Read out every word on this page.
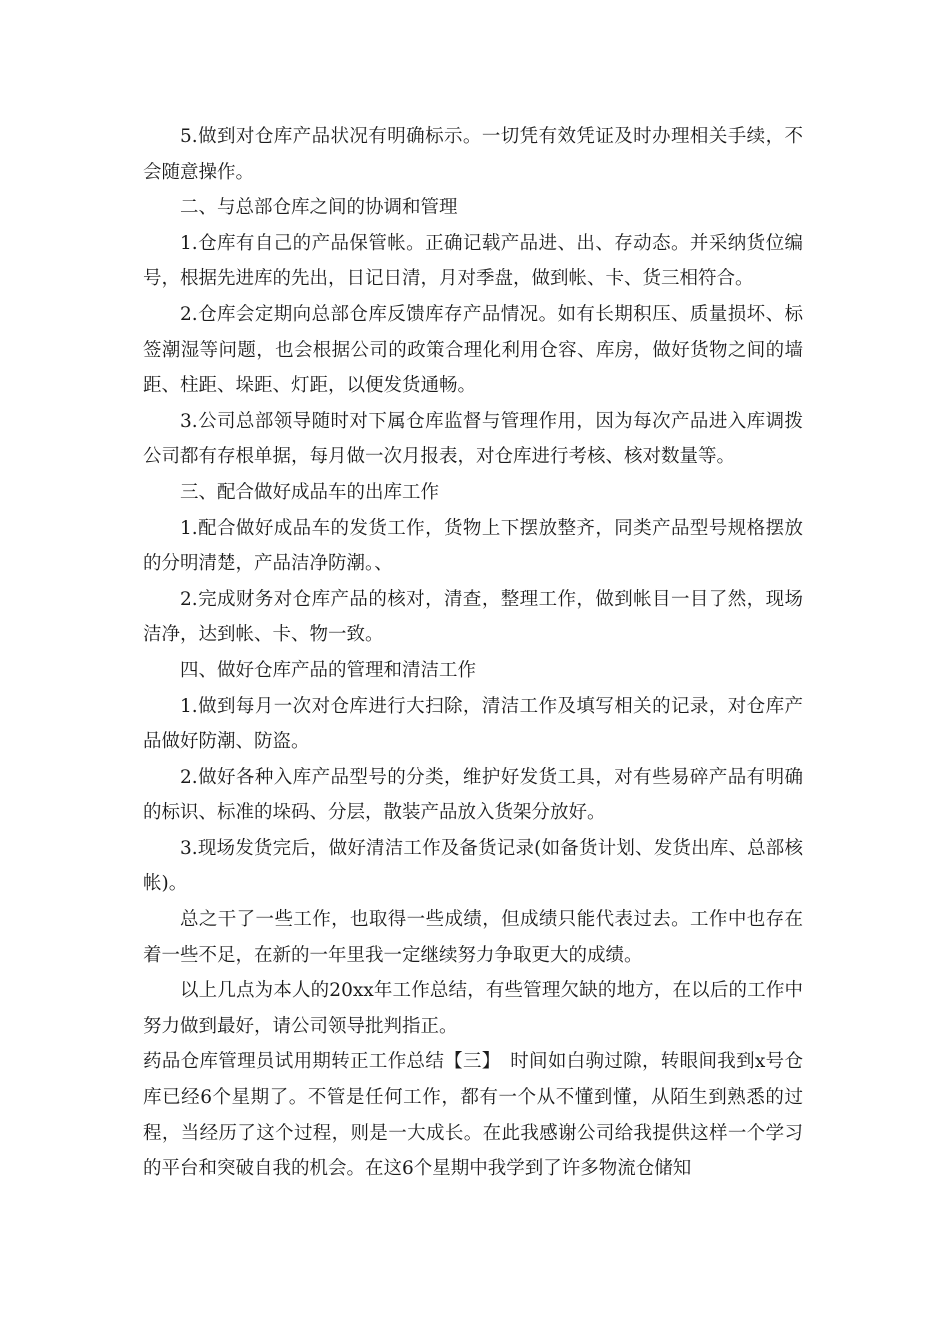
5.做到对仓库产品状况有明确标示。一切凭有效凭证及时办理相关手续，不会随意操作。

二、与总部仓库之间的协调和管理

1.仓库有自己的产品保管帐。正确记载产品进、出、存动态。并采纳货位编号，根据先进库的先出，日记日清，月对季盘，做到帐、卡、货三相符合。

2.仓库会定期向总部仓库反馈库存产品情况。如有长期积压、质量损坏、标签潮湿等问题，也会根据公司的政策合理化利用仓容、库房，做好货物之间的墙距、柱距、垛距、灯距，以便发货通畅。

3.公司总部领导随时对下属仓库监督与管理作用，因为每次产品进入库调拨公司都有存根单据，每月做一次月报表，对仓库进行考核、核对数量等。

三、配合做好成品车的出库工作

1.配合做好成品车的发货工作，货物上下摆放整齐，同类产品型号规格摆放的分明清楚，产品洁净防潮。、

2.完成财务对仓库产品的核对，清查，整理工作，做到帐目一目了然，现场洁净，达到帐、卡、物一致。

四、做好仓库产品的管理和清洁工作

1.做到每月一次对仓库进行大扫除，清洁工作及填写相关的记录，对仓库产品做好防潮、防盗。

2.做好各种入库产品型号的分类，维护好发货工具，对有些易碎产品有明确的标识、标准的垛码、分层，散装产品放入货架分放好。

3.现场发货完后，做好清洁工作及备货记录(如备货计划、发货出库、总部核帐)。

总之干了一些工作，也取得一些成绩，但成绩只能代表过去。工作中也存在着一些不足，在新的一年里我一定继续努力争取更大的成绩。

以上几点为本人的20xx年工作总结，有些管理欠缺的地方，在以后的工作中努力做到最好，请公司领导批判指正。

药品仓库管理员试用期转正工作总结【三】　时间如白驹过隙，转眼间我到x号仓库已经6个星期了。不管是任何工作，都有一个从不懂到懂，从陌生到熟悉的过程，当经历了这个过程，则是一大成长。在此我感谢公司给我提供这样一个学习的平台和突破自我的机会。在这6个星期中我学到了许多物流仓储知
